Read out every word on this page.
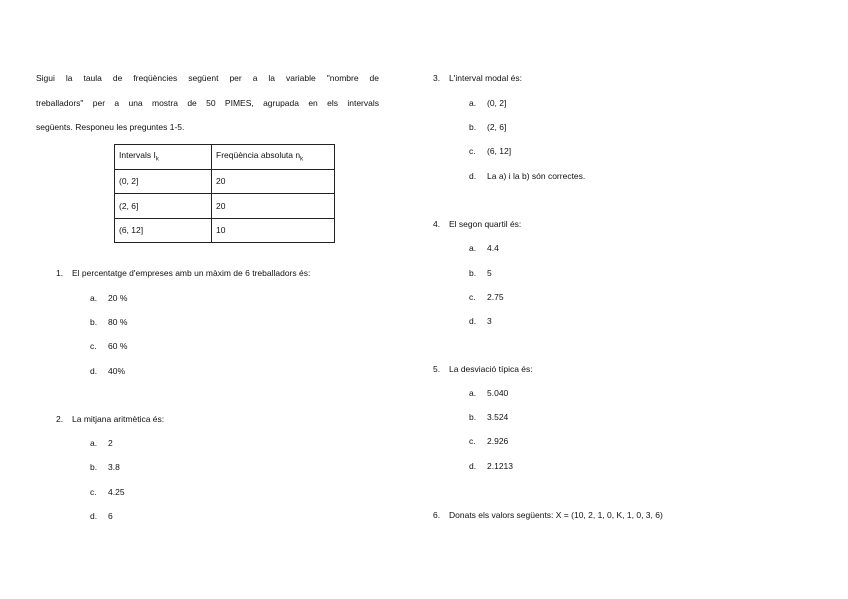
Sigui la taula de freqüències següent per a la variable "nombre de
treballadors" per a una mostra de 50 PIMES, agrupada en els intervals
següents. Responeu les preguntes 1-5.
Intervals $I_k$	Freqüència absoluta $n_k$
(0, 2]	20
(2, 6]	20
(6, 12]	10
1. El percentatge d'empreses amb un màxim de 6 treballadors és:
a. 20 %
b. 80 %
c. 60 %
d. 40%
2. La mitjana aritmètica és:
a. 2
b. 3.8
c. 4.25
d. 6
3. L'interval modal és:
a. (0, 2]
b. (2, 6]
c. (6, 12]
d. La a) i la b) són correctes.
4. El segon quartil és:
a. 4.4
b. 5
c. 2.75
d. 3
5. La desviació típica és:
a. 5.040
b. 3.524
c. 2.926
d. 2.1213
6. Donats els valors següents: X = (10, 2, 1, 0, K, 1, 0, 3, 6)
